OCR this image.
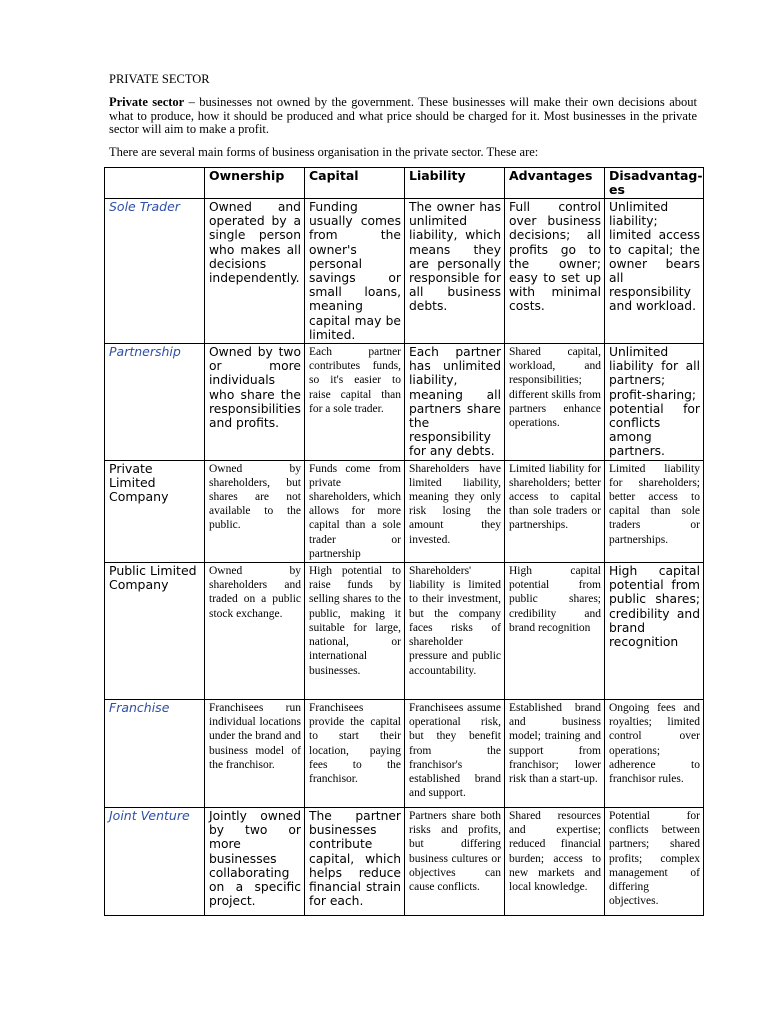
PRIVATE SECTOR

Private sector – businesses not owned by the government. These businesses will make their own decisions about what to produce, how it should be produced and what price should be charged for it. Most businesses in the private sector will aim to make a profit.

There are several main forms of business organisation in the private sector. These are:

	Ownership	Capital	Liability	Advantages	Disadvantages
Sole Trader	Owned and operated by a single person who makes all decisions independently.	Funding usually comes from the owner's personal savings or small loans, meaning capital may be limited.	The owner has unlimited liability, which means they are personally responsible for all business debts.	Full control over business decisions; all profits go to the owner; easy to set up with minimal costs.	Unlimited liability; limited access to capital; the owner bears all responsibility and workload.

Partnership	Owned by two or more individuals who share the responsibilities and profits.	Each partner contributes funds, so it's easier to raise capital than for a sole trader.	Each partner has unlimited liability, meaning all partners share the responsibility for any debts.	Shared capital, workload, and responsibilities; different skills from partners enhance operations.	Unlimited liability for all partners; profit-sharing; potential for conflicts among partners.

Private Limited Company	Owned by shareholders, but shares are not available to the public.	Funds come from private shareholders, which allows for more capital than a sole trader or partnership	Shareholders have limited liability, meaning they only risk losing the amount they invested.	Limited liability for shareholders; better access to capital than sole traders or partnerships.	Limited liability for shareholders; better access to capital than sole traders or partnerships.

Public Limited Company	Owned by shareholders and traded on a public stock exchange.	High potential to raise funds by selling shares to the public, making it suitable for large, national, or international businesses.	Shareholders' liability is limited to their investment, but the company faces risks of shareholder pressure and public accountability.	High capital potential from public shares; credibility and brand recognition	High capital potential from public shares; credibility and brand recognition

Franchise	Franchisees run individual locations under the brand and business model of the franchisor.	Franchisees provide the capital to start their location, paying fees to the franchisor.	Franchisees assume operational risk, but they benefit from the franchisor's established brand and support.	Established brand and business model; training and support from franchisor; lower risk than a start-up.	Ongoing fees and royalties; limited control over operations; adherence to franchisor rules.

Joint Venture	Jointly owned by two or more businesses collaborating on a specific project.	The partner businesses contribute capital, which helps reduce financial strain for each.	Partners share both risks and profits, but differing business cultures or objectives can cause conflicts.	Shared resources and expertise; reduced financial burden; access to new markets and local knowledge.	Potential for conflicts between partners; shared profits; complex management of differing objectives.
